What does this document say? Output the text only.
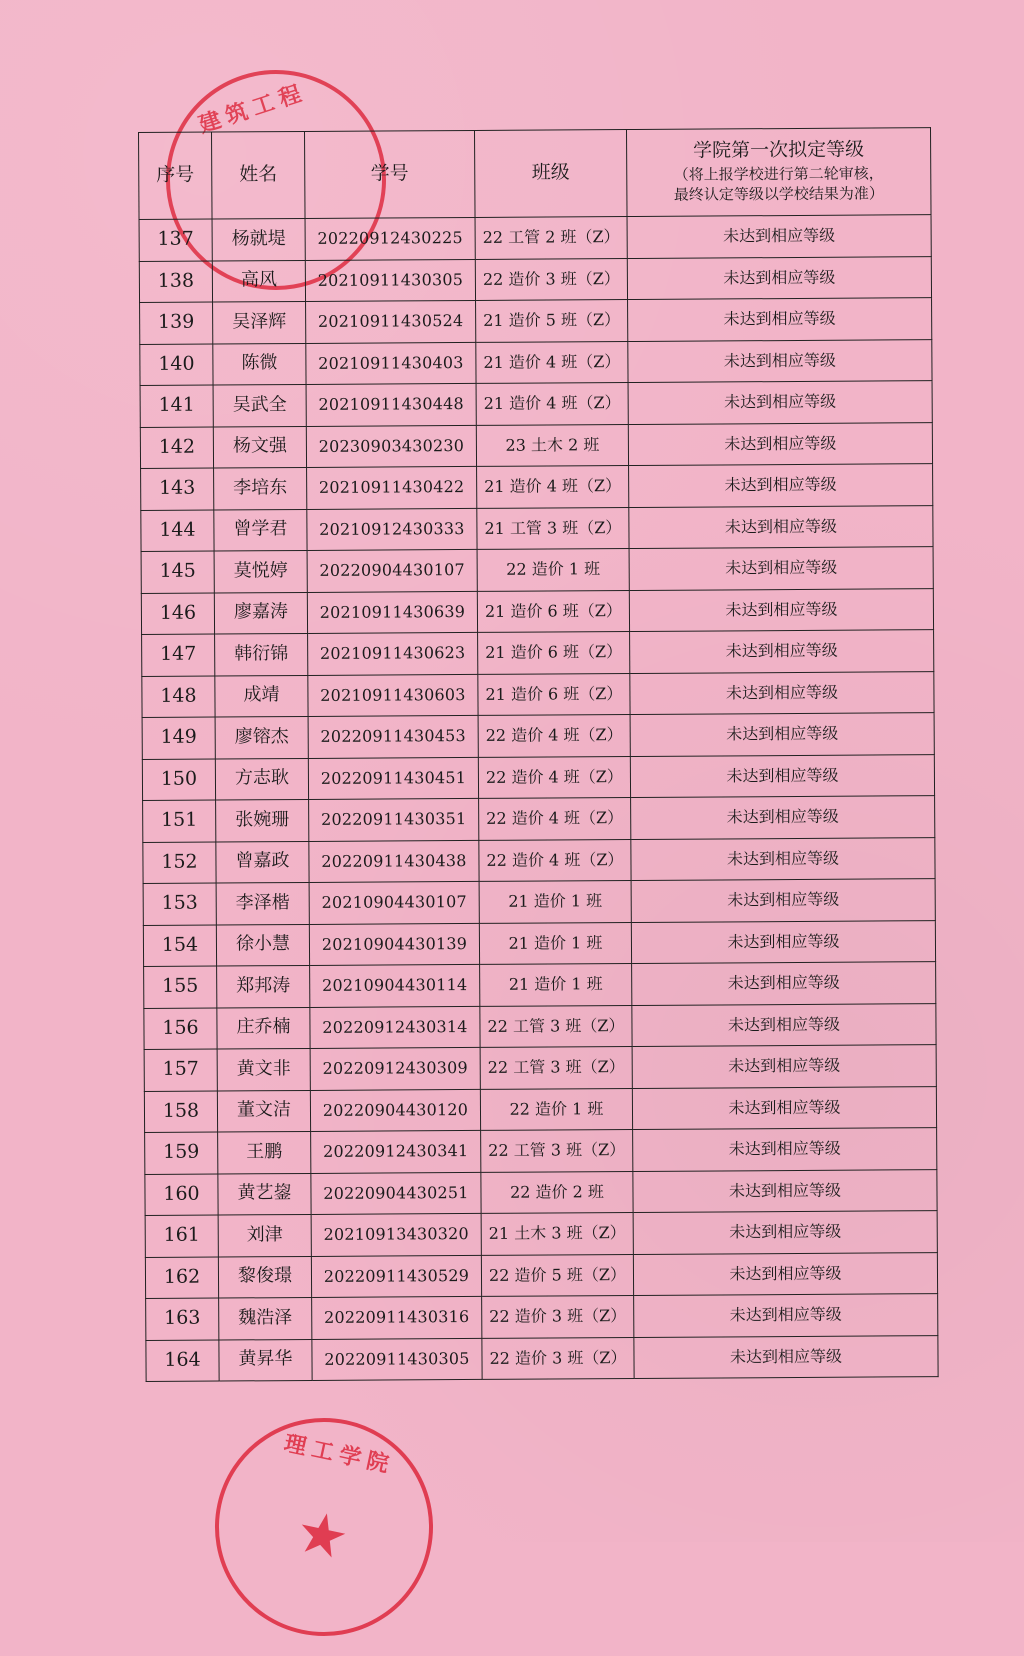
建筑工程
序号	姓名	学号	班级	学院第一次拟定等级
（将上报学校进行第二轮审核，
最终认定等级以学校结果为准）

137	杨就堤	20220912430225	22 工管 2 班（Z）	未达到相应等级
138	高风	20210911430305	22 造价 3 班（Z）	未达到相应等级
139	吴泽辉	20210911430524	21 造价 5 班（Z）	未达到相应等级
140	陈微	20210911430403	21 造价 4 班（Z）	未达到相应等级
141	吴武全	20210911430448	21 造价 4 班（Z）	未达到相应等级
142	杨文强	20230903430230	23 土木 2 班	未达到相应等级
143	李培东	20210911430422	21 造价 4 班（Z）	未达到相应等级
144	曾学君	20210912430333	21 工管 3 班（Z）	未达到相应等级
145	莫悦婷	20220904430107	22 造价 1 班	未达到相应等级
146	廖嘉涛	20210911430639	21 造价 6 班（Z）	未达到相应等级
147	韩衍锦	20210911430623	21 造价 6 班（Z）	未达到相应等级
148	成靖	20210911430603	21 造价 6 班（Z）	未达到相应等级
149	廖镕杰	20220911430453	22 造价 4 班（Z）	未达到相应等级
150	方志耿	20220911430451	22 造价 4 班（Z）	未达到相应等级
151	张婉珊	20220911430351	22 造价 4 班（Z）	未达到相应等级
152	曾嘉政	20220911430438	22 造价 4 班（Z）	未达到相应等级
153	李泽楷	20210904430107	21 造价 1 班	未达到相应等级
154	徐小慧	20210904430139	21 造价 1 班	未达到相应等级
155	郑邦涛	20210904430114	21 造价 1 班	未达到相应等级
156	庄乔楠	20220912430314	22 工管 3 班（Z）	未达到相应等级
157	黄文非	20220912430309	22 工管 3 班（Z）	未达到相应等级
158	董文洁	20220904430120	22 造价 1 班	未达到相应等级
159	王鹏	20220912430341	22 工管 3 班（Z）	未达到相应等级
160	黄艺鋆	20220904430251	22 造价 2 班	未达到相应等级
161	刘津	20210913430320	21 土木 3 班（Z）	未达到相应等级
162	黎俊璟	20220911430529	22 造价 5 班（Z）	未达到相应等级
163	魏浩泽	20220911430316	22 造价 3 班（Z）	未达到相应等级
164	黄昇华	20220911430305	22 造价 3 班（Z）	未达到相应等级
理工学院
★
